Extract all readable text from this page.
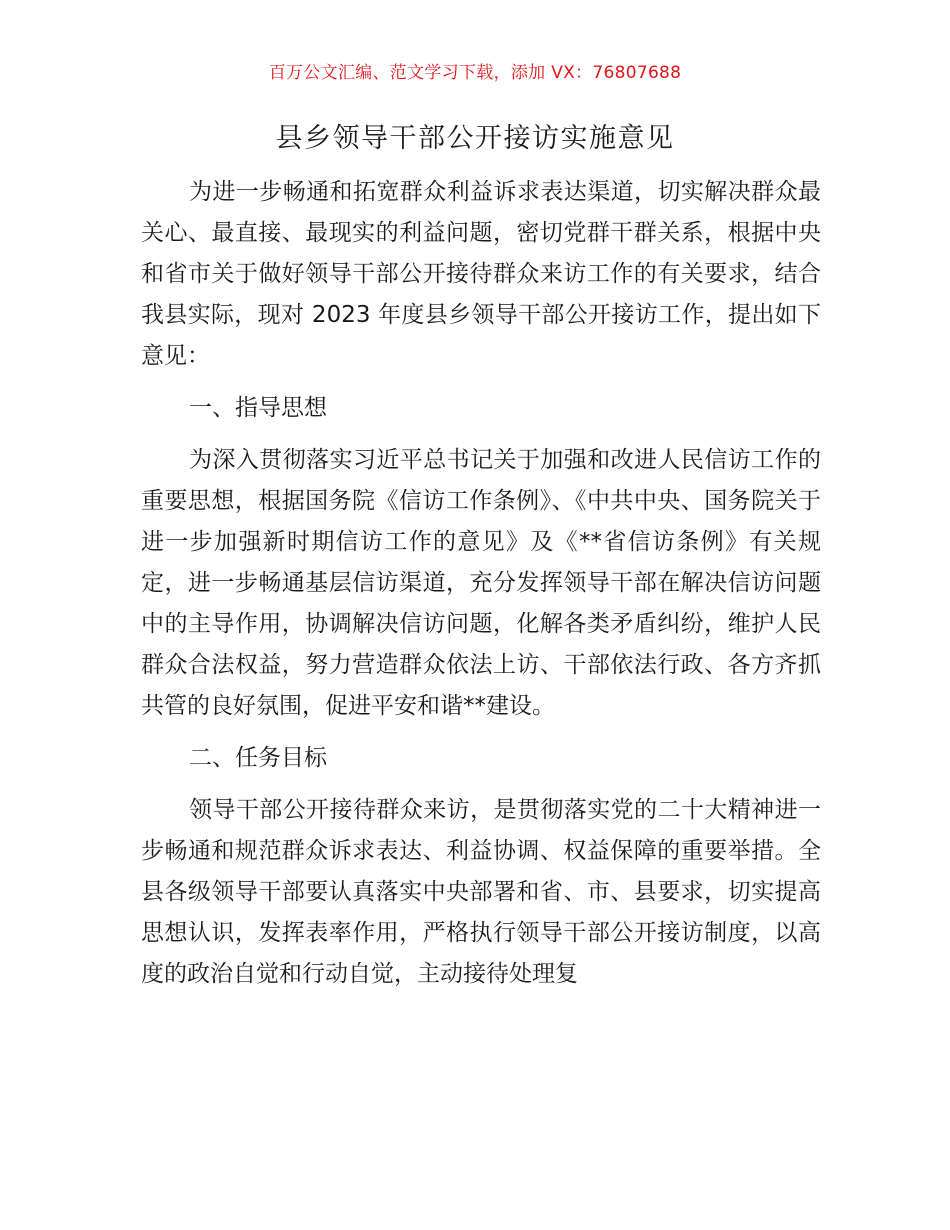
百万公文汇编、范文学习下载，添加 VX：76807688
县乡领导干部公开接访实施意见

为进一步畅通和拓宽群众利益诉求表达渠道，切实解决群众最关心、最直接、最现实的利益问题，密切党群干群关系，根据中央和省市关于做好领导干部公开接待群众来访工作的有关要求，结合我县实际，现对 2023 年度县乡领导干部公开接访工作，提出如下意见：

一、指导思想

为深入贯彻落实习近平总书记关于加强和改进人民信访工作的重要思想，根据国务院《信访工作条例》、《中共中央、国务院关于进一步加强新时期信访工作的意见》及《**省信访条例》有关规定，进一步畅通基层信访渠道，充分发挥领导干部在解决信访问题中的主导作用，协调解决信访问题，化解各类矛盾纠纷，维护人民群众合法权益，努力营造群众依法上访、干部依法行政、各方齐抓共管的良好氛围，促进平安和谐**建设。

二、任务目标

领导干部公开接待群众来访，是贯彻落实党的二十大精神进一步畅通和规范群众诉求表达、利益协调、权益保障的重要举措。全县各级领导干部要认真落实中央部署和省、市、县要求，切实提高思想认识，发挥表率作用，严格执行领导干部公开接访制度，以高度的政治自觉和行动自觉，主动接待处理复
